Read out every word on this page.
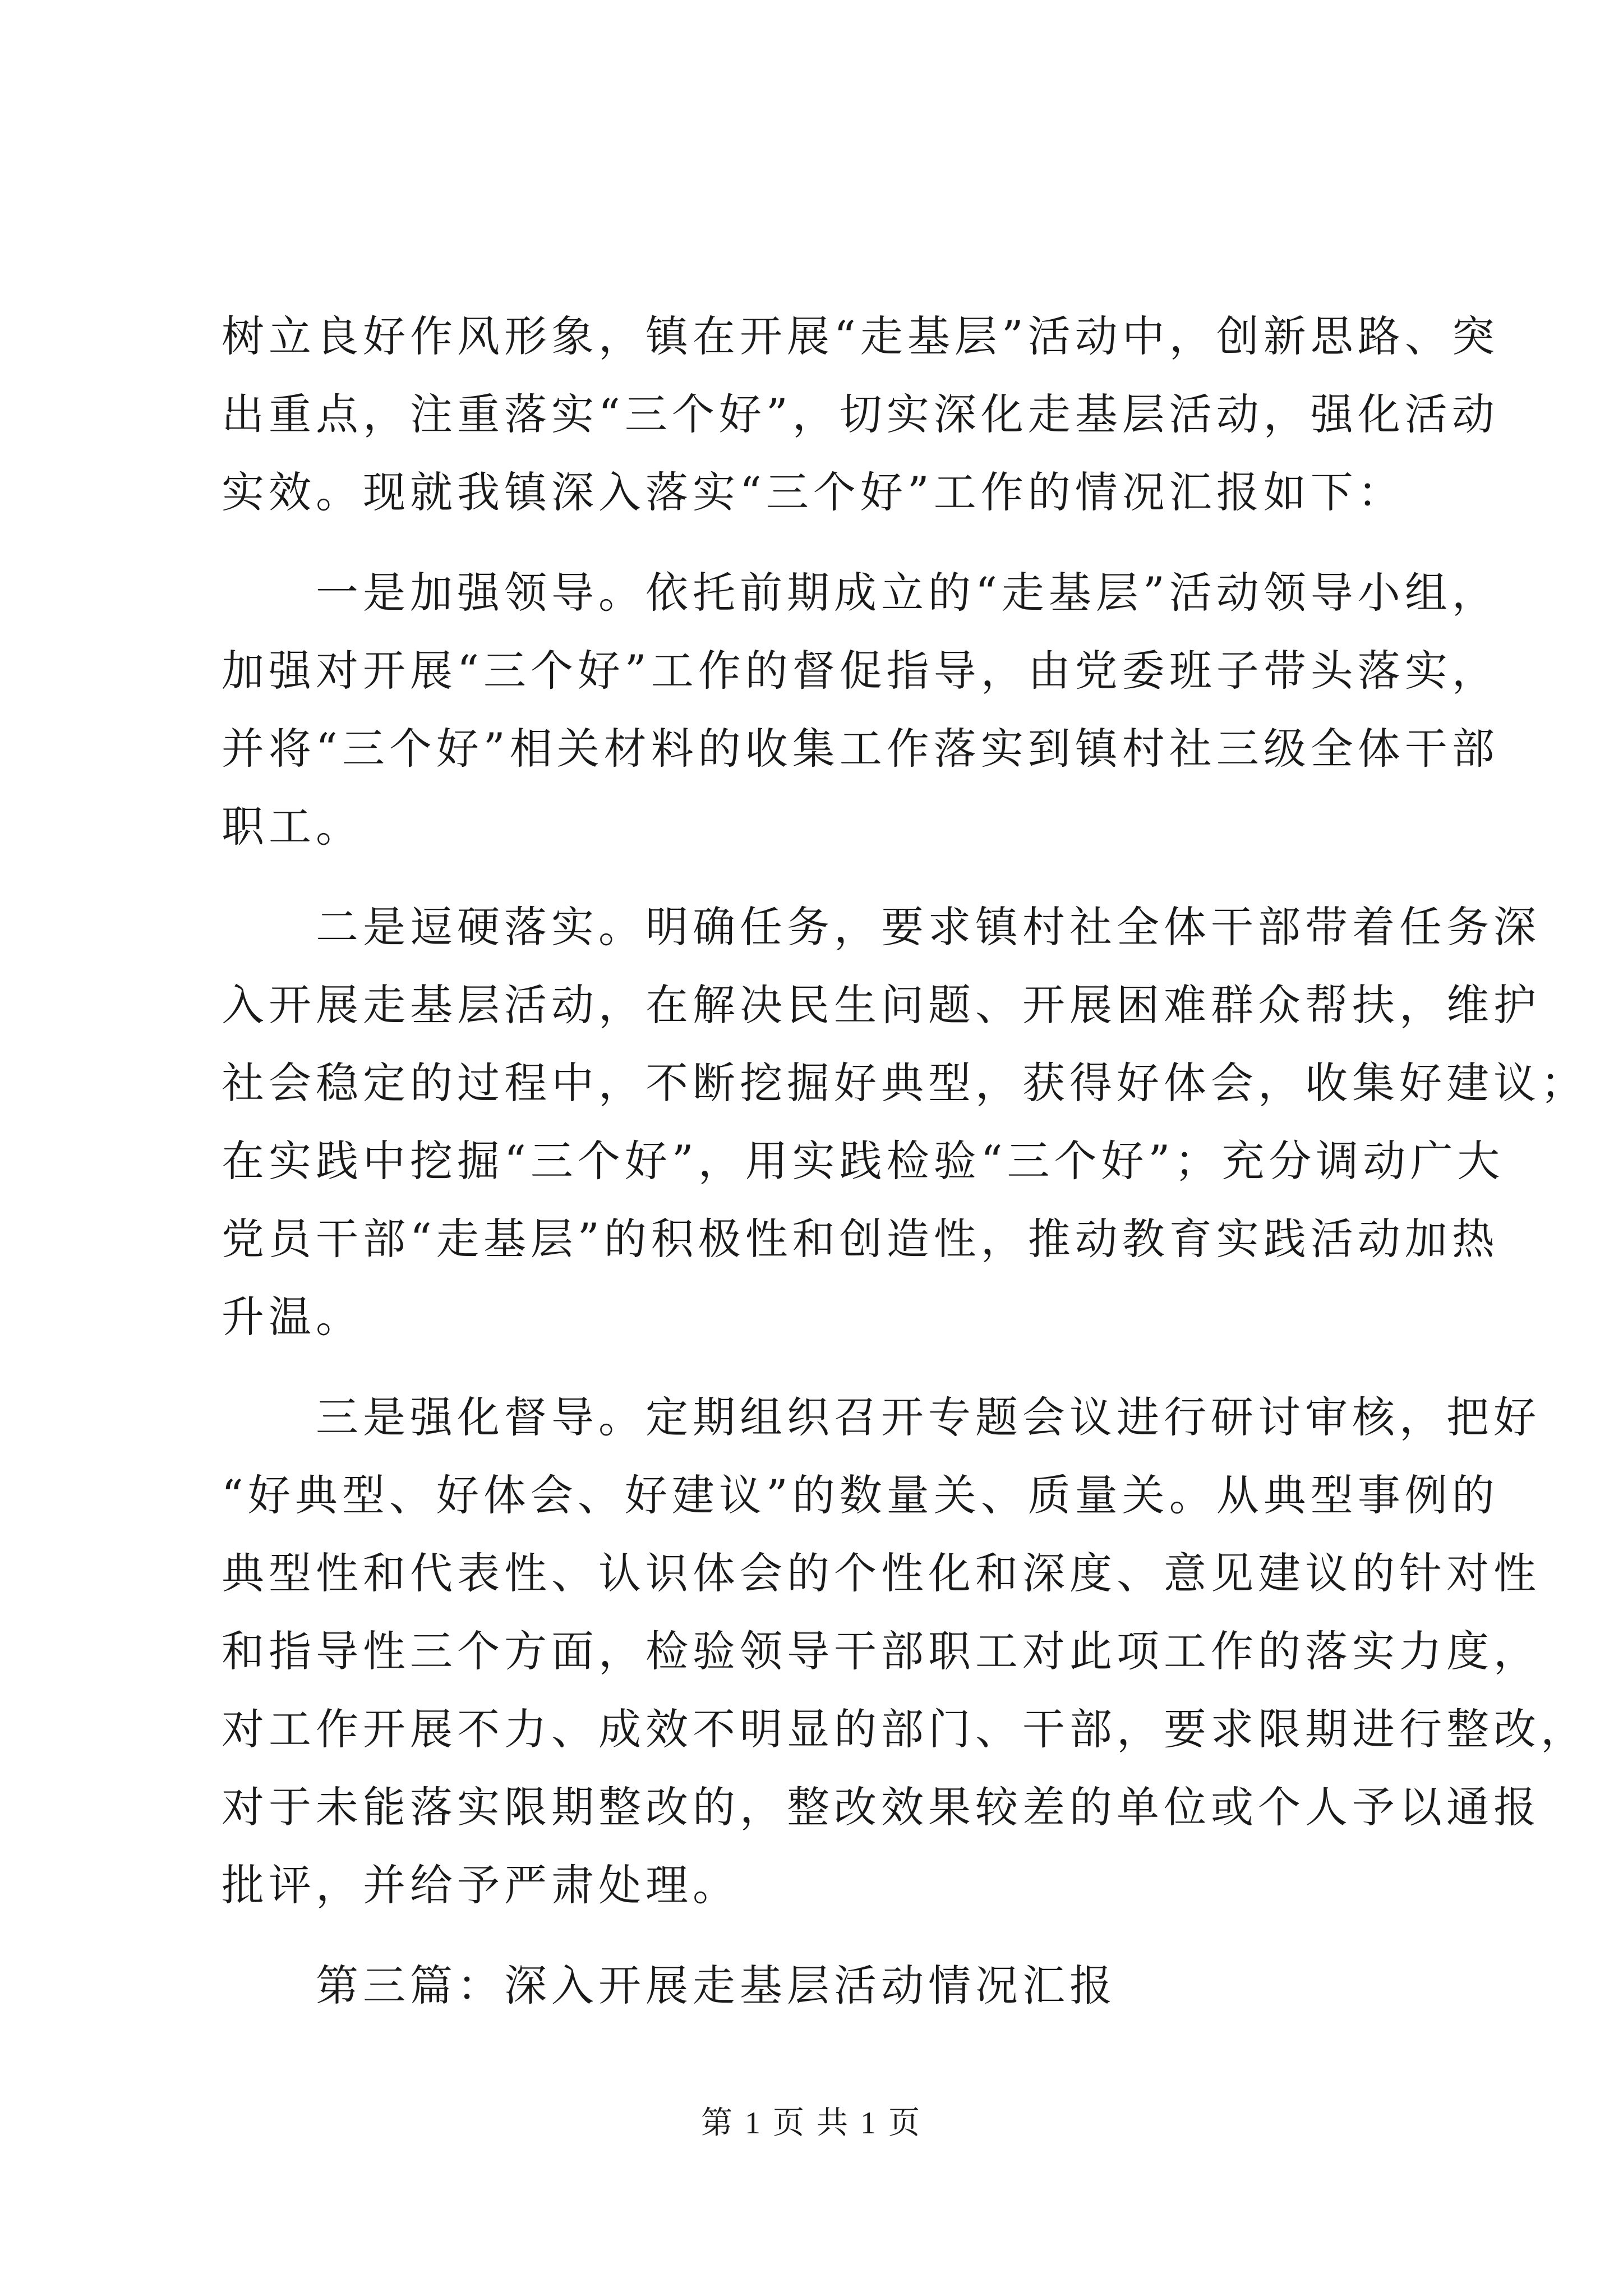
树立良好作风形象，镇在开展“走基层”活动中，创新思路、突
出重点，注重落实“三个好”，切实深化走基层活动，强化活动
实效。现就我镇深入落实“三个好”工作的情况汇报如下：
一是加强领导。依托前期成立的“走基层”活动领导小组，
加强对开展“三个好”工作的督促指导，由党委班子带头落实，
并将“三个好”相关材料的收集工作落实到镇村社三级全体干部
职工。
二是逗硬落实。明确任务，要求镇村社全体干部带着任务深
入开展走基层活动，在解决民生问题、开展困难群众帮扶，维护
社会稳定的过程中，不断挖掘好典型，获得好体会，收集好建议；
在实践中挖掘“三个好”，用实践检验“三个好”；充分调动广大
党员干部“走基层”的积极性和创造性，推动教育实践活动加热
升温。
三是强化督导。定期组织召开专题会议进行研讨审核，把好
“好典型、好体会、好建议”的数量关、质量关。从典型事例的
典型性和代表性、认识体会的个性化和深度、意见建议的针对性
和指导性三个方面，检验领导干部职工对此项工作的落实力度，
对工作开展不力、成效不明显的部门、干部，要求限期进行整改，
对于未能落实限期整改的，整改效果较差的单位或个人予以通报
批评，并给予严肃处理。
第三篇：深入开展走基层活动情况汇报
第 1 页 共 1 页
